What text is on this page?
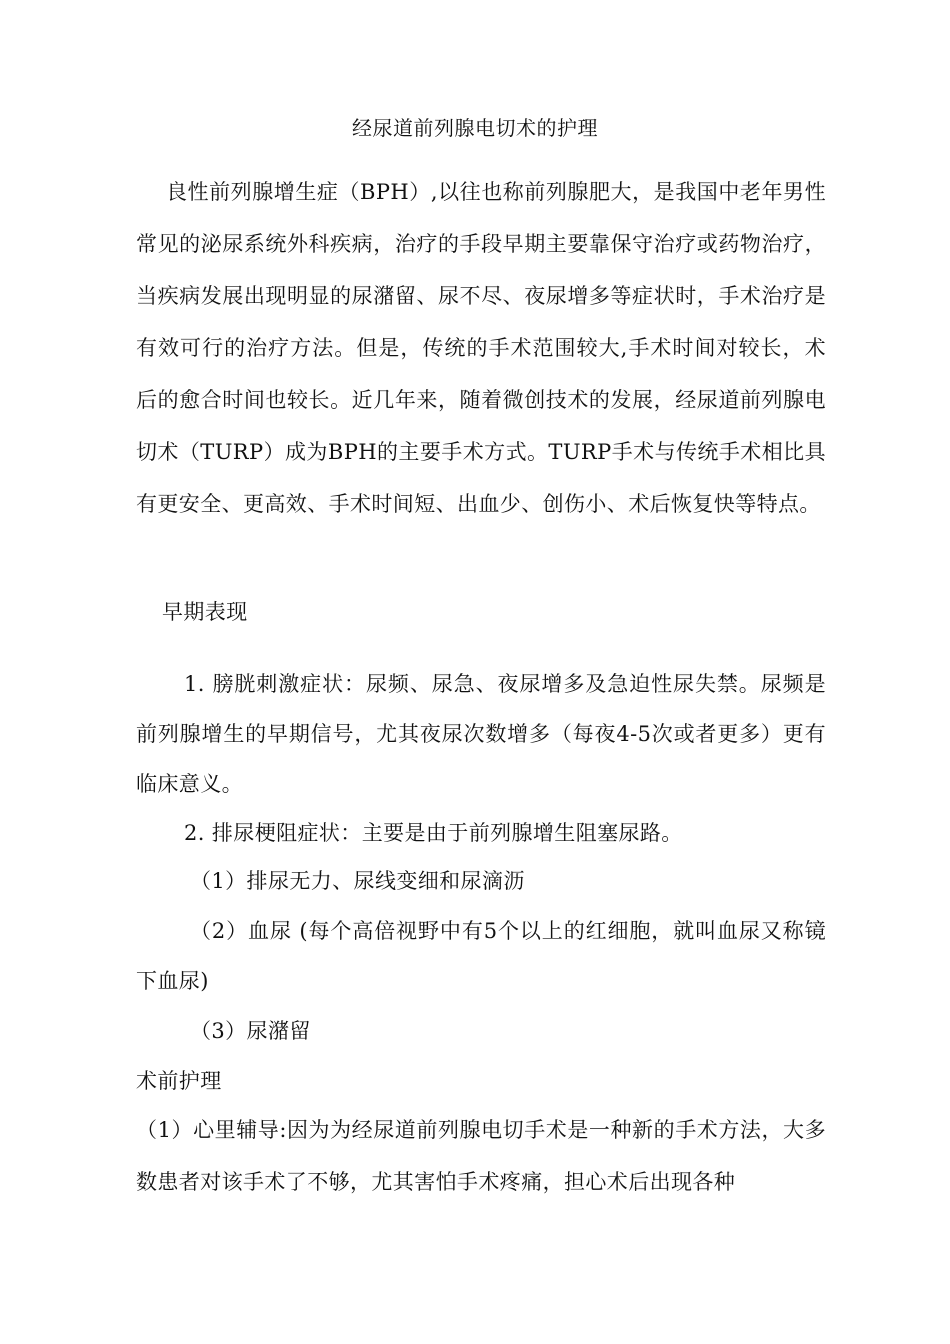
经尿道前列腺电切术的护理

良性前列腺增生症（BPH）,以往也称前列腺肥大，是我国中老年男性常见的泌尿系统外科疾病，治疗的手段早期主要靠保守治疗或药物治疗，当疾病发展出现明显的尿潴留、尿不尽、夜尿增多等症状时，手术治疗是有效可行的治疗方法。但是，传统的手术范围较大,手术时间对较长，术后的愈合时间也较长。近几年来，随着微创技术的发展，经尿道前列腺电切术（TURP）成为BPH的主要手术方式。TURP手术与传统手术相比具有更安全、更高效、手术时间短、出血少、创伤小、术后恢复快等特点。

早期表现

1. 膀胱刺激症状：尿频、尿急、夜尿增多及急迫性尿失禁。尿频是前列腺增生的早期信号，尤其夜尿次数增多（每夜4-5次或者更多）更有临床意义。

2. 排尿梗阻症状：主要是由于前列腺增生阻塞尿路。

（1）排尿无力、尿线变细和尿滴沥

（2）血尿 (每个高倍视野中有5个以上的红细胞，就叫血尿又称镜下血尿)

（3）尿潴留

术前护理

（1）心里辅导:因为为经尿道前列腺电切手术是一种新的手术方法，大多数患者对该手术了不够，尤其害怕手术疼痛，担心术后出现各种
